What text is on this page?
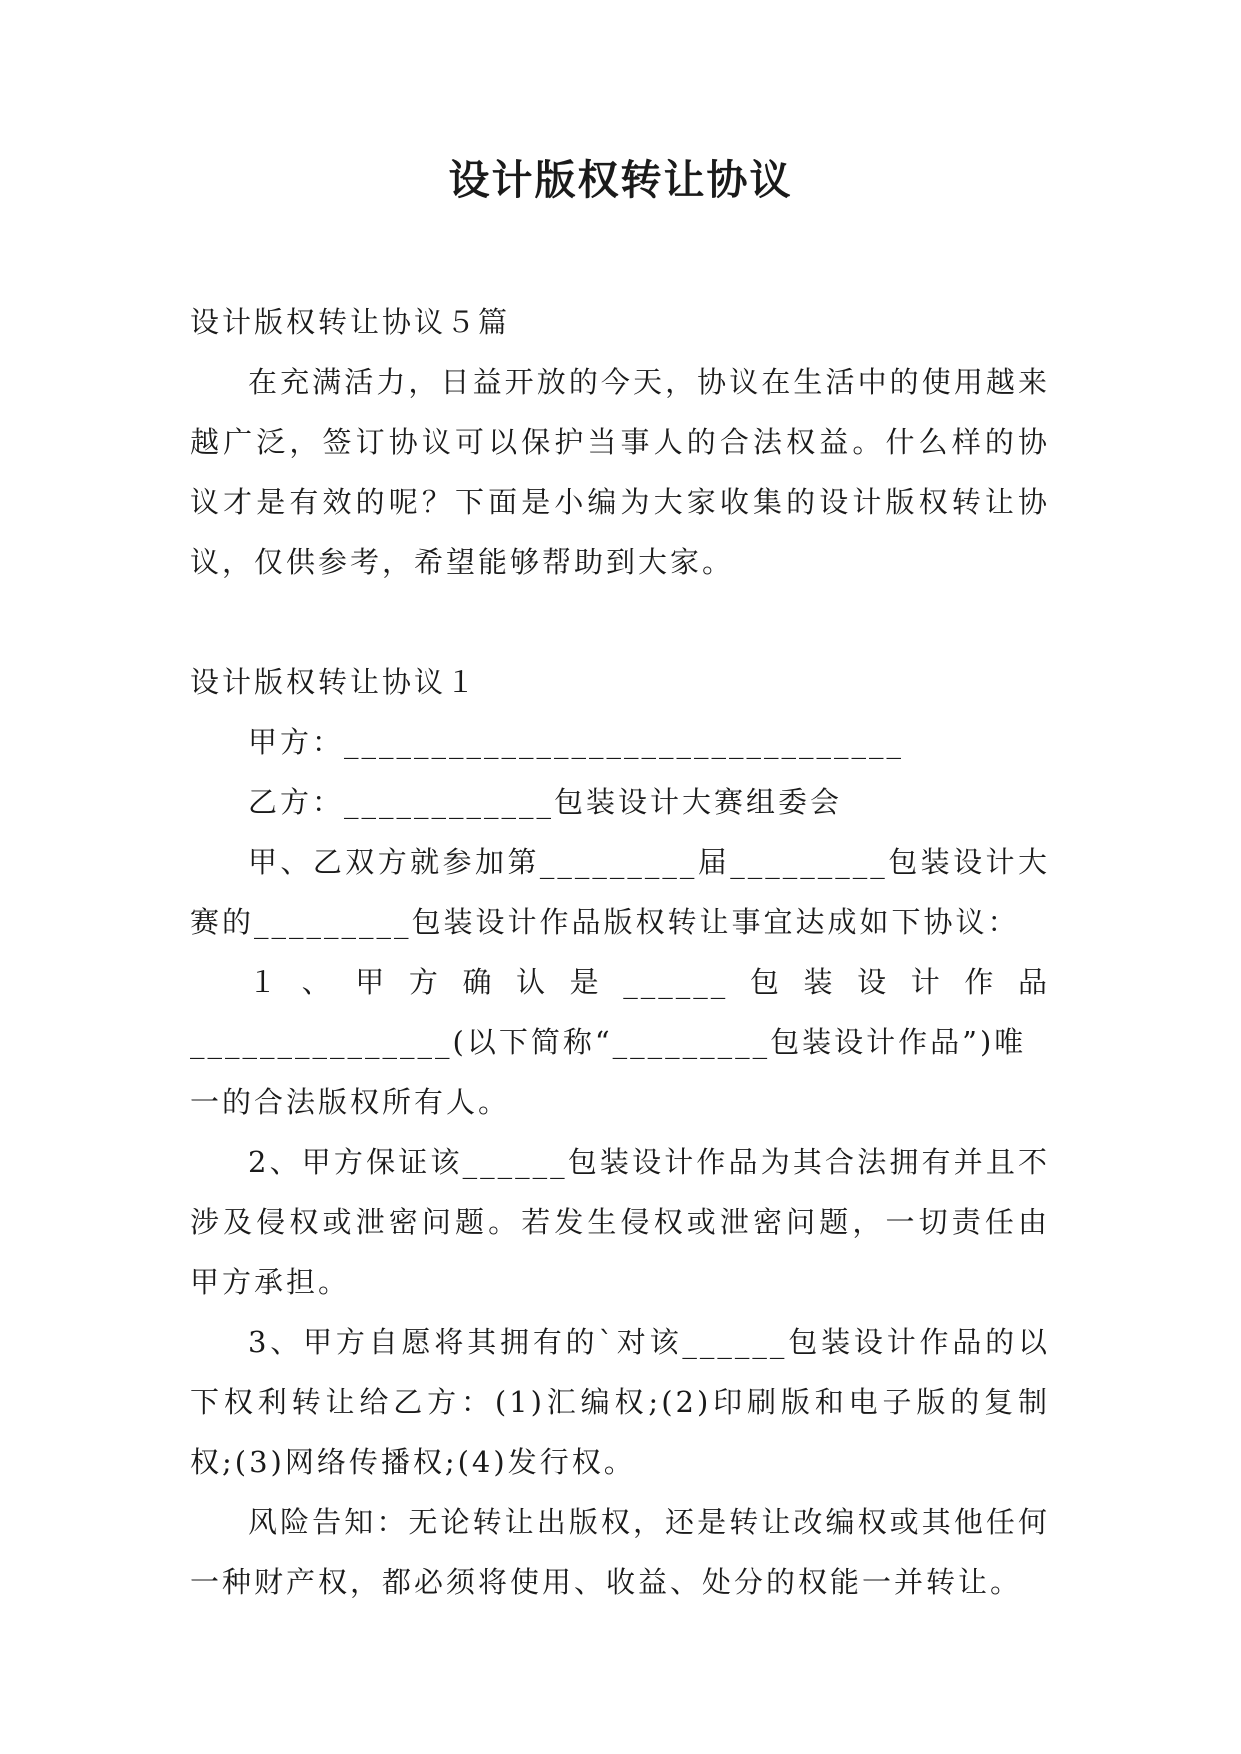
设计版权转让协议

设计版权转让协议５篇

在充满活力，日益开放的今天，协议在生活中的使用越来越广泛，签订协议可以保护当事人的合法权益。什么样的协议才是有效的呢？下面是小编为大家收集的设计版权转让协议，仅供参考，希望能够帮助到大家。

设计版权转让协议１

甲方：________________________________

乙方：____________包装设计大赛组委会

甲、乙双方就参加第_________届_________包装设计大赛的_________包装设计作品版权转让事宜达成如下协议：

１、甲方确认是______包装设计作品

_______________(以下简称“_________包装设计作品”)唯一的合法版权所有人。

2、甲方保证该______包装设计作品为其合法拥有并且不涉及侵权或泄密问题。若发生侵权或泄密问题，一切责任由甲方承担。

3、甲方自愿将其拥有的`对该______包装设计作品的以下权利转让给乙方：(1)汇编权;(2)印刷版和电子版的复制权;(3)网络传播权;(4)发行权。

风险告知：无论转让出版权，还是转让改编权或其他任何一种财产权，都必须将使用、收益、处分的权能一并转让。
